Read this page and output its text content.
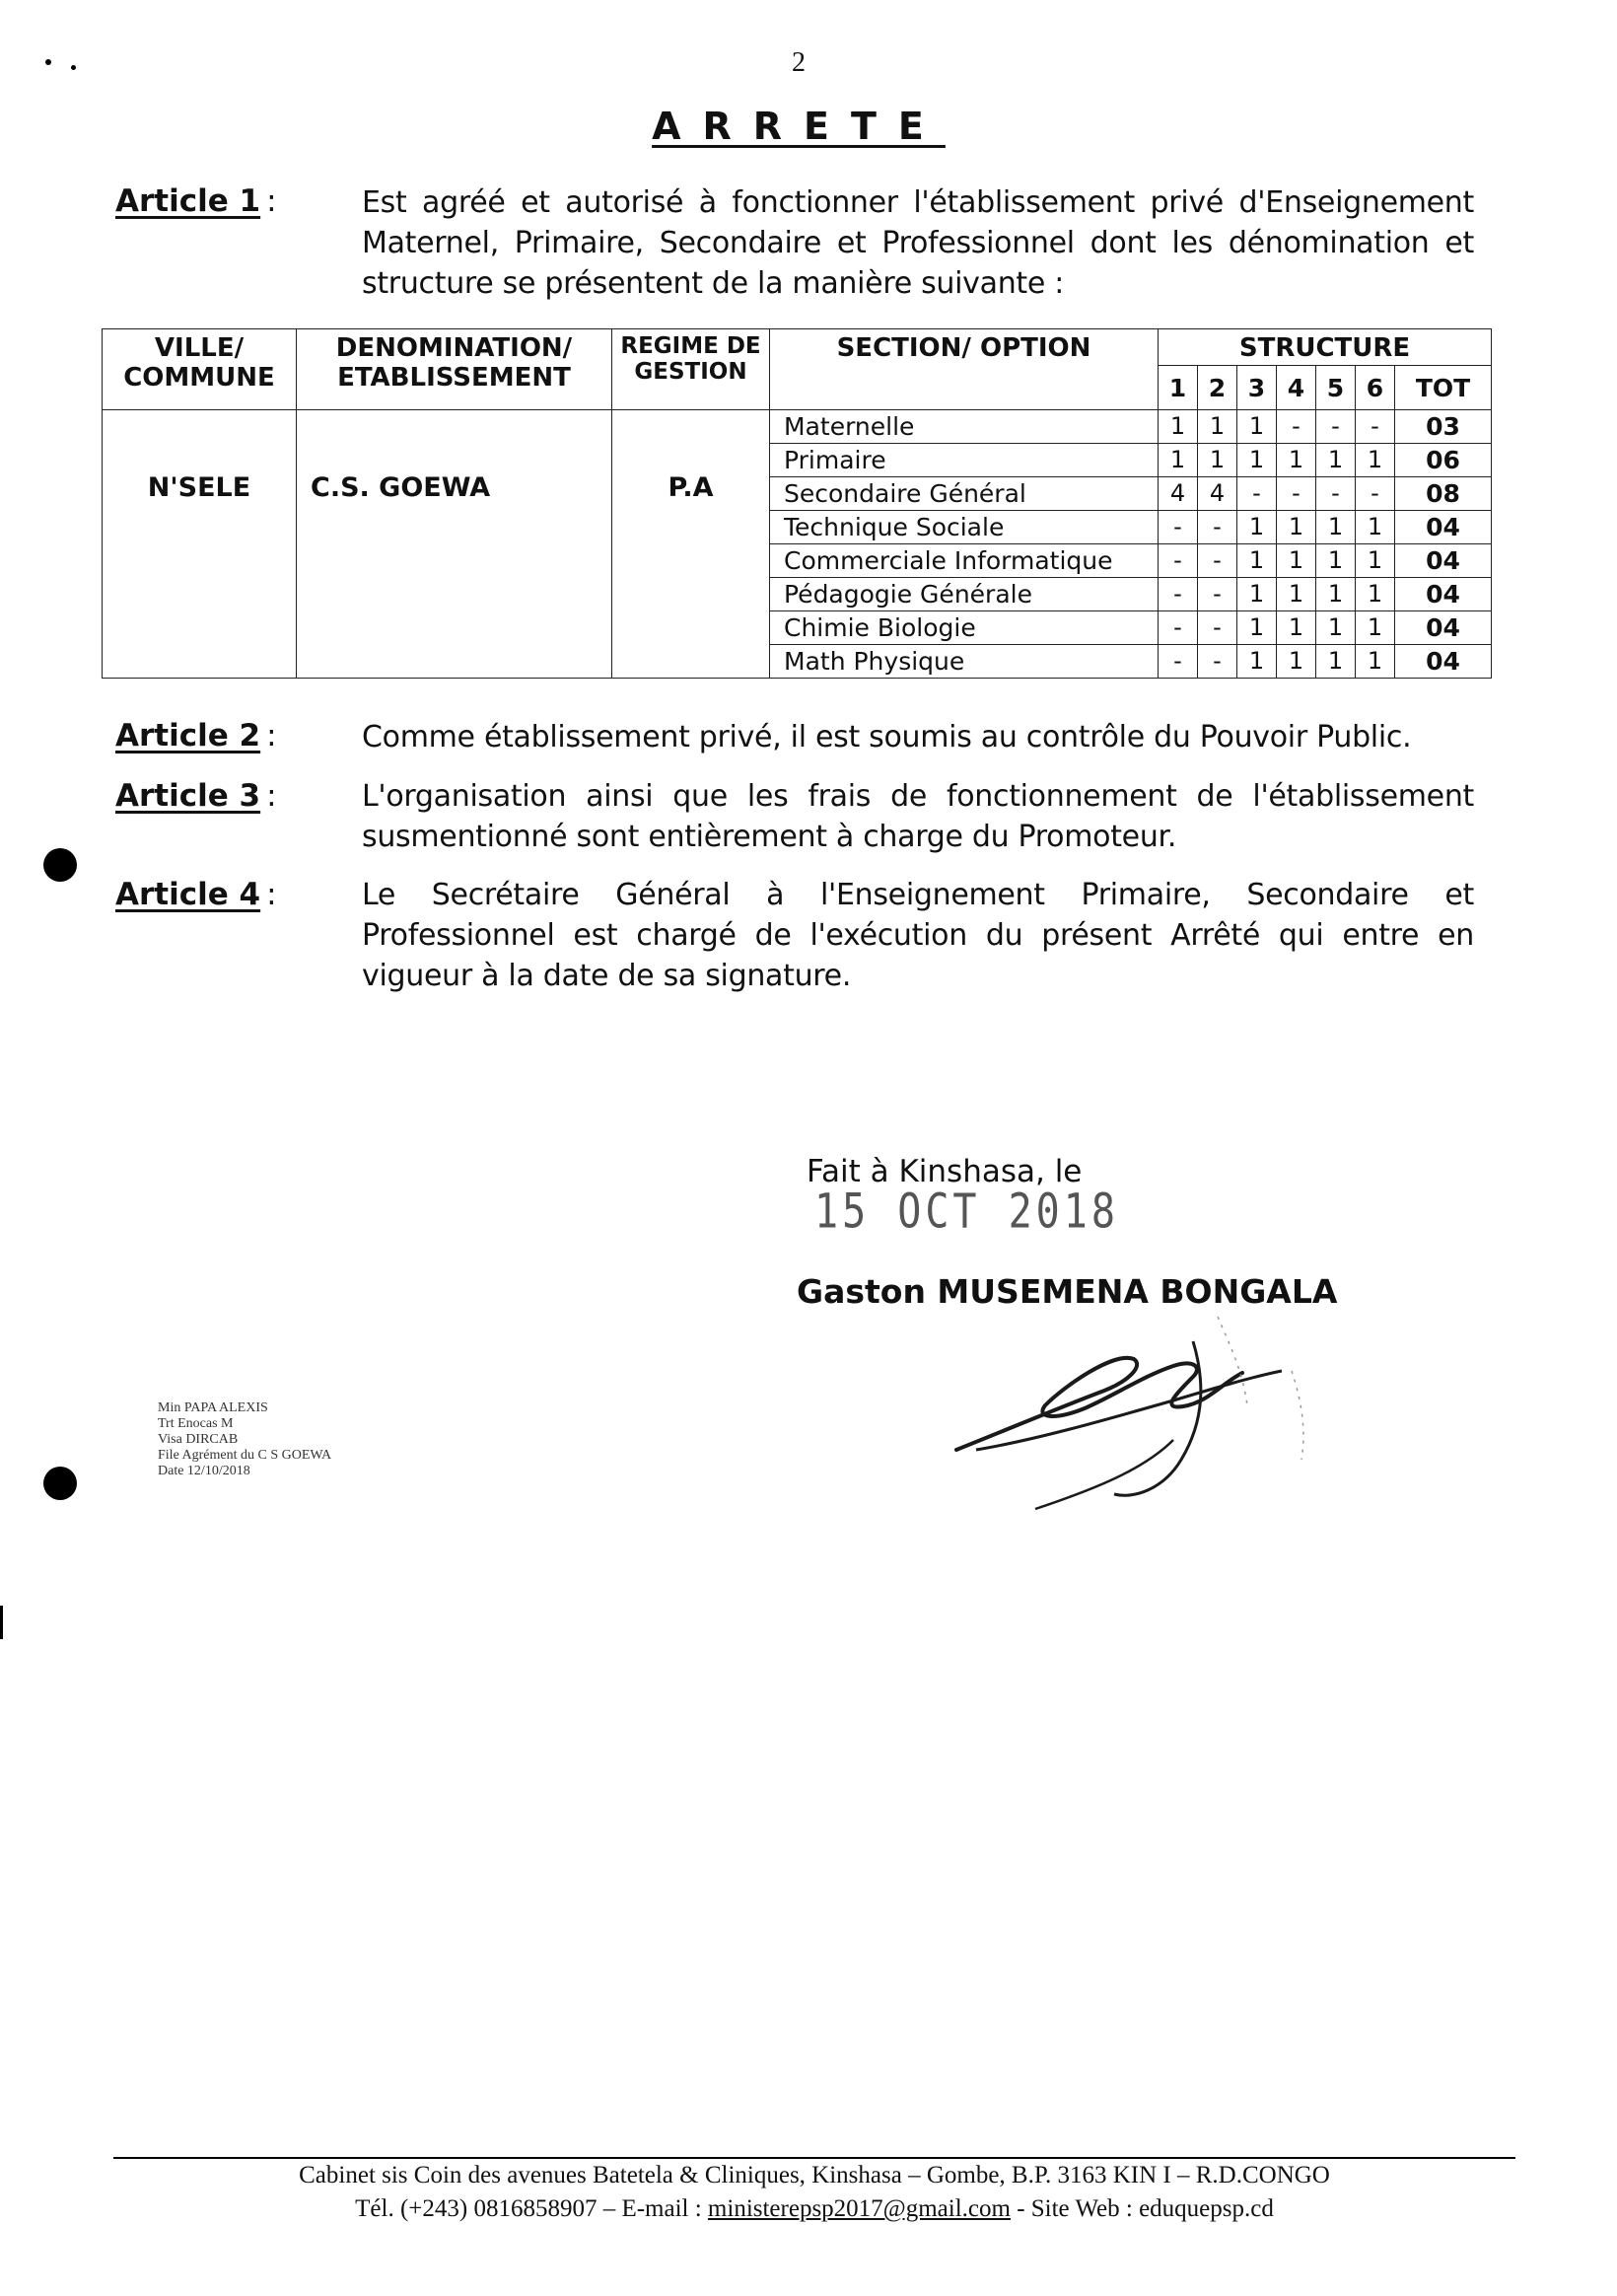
2
ARRETE
Article 1 :	Est agréé et autorisé à fonctionner l'établissement privé d'Enseignement Maternel, Primaire, Secondaire et Professionnel dont les dénomination et structure se présentent de la manière suivante :
VILLE/ COMMUNE	DENOMINATION/ ETABLISSEMENT	REGIME DE GESTION	SECTION/ OPTION	STRUCTURE						
				1	2	3	4	5	6	TOT
N'SELE	C.S. GOEWA	P.A	Maternelle	1	1	1	-	-	-	03
			Primaire	1	1	1	1	1	1	06
			Secondaire Général	4	4	-	-	-	-	08
			Technique Sociale	-	-	1	1	1	1	04
			Commerciale Informatique	-	-	1	1	1	1	04
			Pédagogie Générale	-	-	1	1	1	1	04
			Chimie Biologie	-	-	1	1	1	1	04
			Math Physique	-	-	1	1	1	1	04
Article 2 :	Comme établissement privé, il est soumis au contrôle du Pouvoir Public.
Article 3 :	L'organisation ainsi que les frais de fonctionnement de l'établissement susmentionné sont entièrement à charge du Promoteur.
Article 4 :	Le Secrétaire Général à l'Enseignement Primaire, Secondaire et Professionnel est chargé de l'exécution du présent Arrêté qui entre en vigueur à la date de sa signature.
Fait à Kinshasa, le 15 OCT 2018
Gaston MUSEMENA BONGALA
Min PAPA ALEXIS
Trt Enocas M
Visa DIRCAB
File Agrément du C S GOEWA
Date 12/10/2018
Cabinet sis Coin des avenues Batetela & Cliniques, Kinshasa – Gombe, B.P. 3163 KIN I – R.D.CONGO
Tél. (+243) 0816858907 – E-mail : ministerepsp2017@gmail.com - Site Web : eduquepsp.cd
